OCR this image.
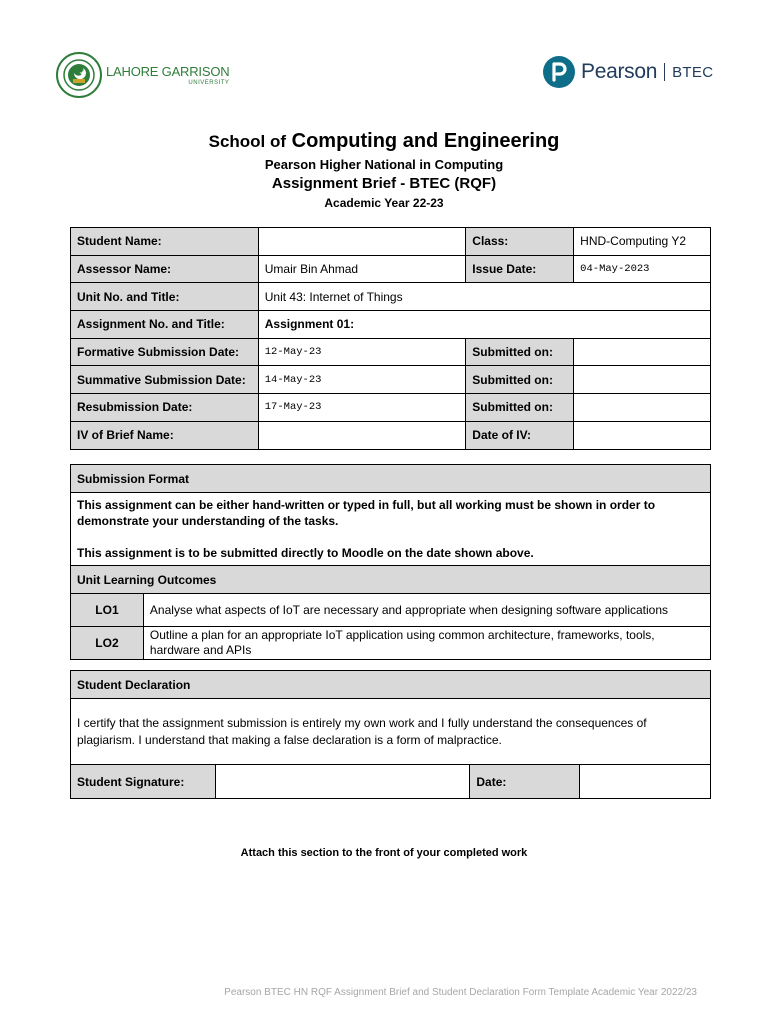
LAHORE GARRISON
UNIVERSITY	Pearson BTEC
School of Computing and Engineering
Pearson Higher National in Computing
Assignment Brief - BTEC (RQF)
Academic Year 22-23
Student Name:		Class:	HND-Computing Y2
Assessor Name:	Umair Bin Ahmad	Issue Date:	04-May-2023
Unit No. and Title:	Unit 43: Internet of Things		
Assignment No. and Title:	Assignment 01:		
Formative Submission Date:	12-May-23	Submitted on:	
Summative Submission Date:	14-May-23	Submitted on:	
Resubmission Date:	17-May-23	Submitted on:	
IV of Brief Name:		Date of IV:	
Submission Format	

This assignment can be either hand-written or typed in full, but all working must be shown in order to demonstrate your understanding of the tasks.
This assignment is to be submitted directly to Moodle on the date shown above.	

Unit Learning Outcomes	
LO1	Analyse what aspects of IoT are necessary and appropriate when designing software applications
LO2	Outline a plan for an appropriate IoT application using common architecture, frameworks, tools, hardware and APIs
Student Declaration
I certify that the assignment submission is entirely my own work and I fully understand the consequences of plagiarism. I understand that making a false declaration is a form of malpractice.
Student Signature:		Date:	
Attach this section to the front of your completed work
Pearson BTEC HN RQF Assignment Brief and Student Declaration Form Template Academic Year 2022/23
